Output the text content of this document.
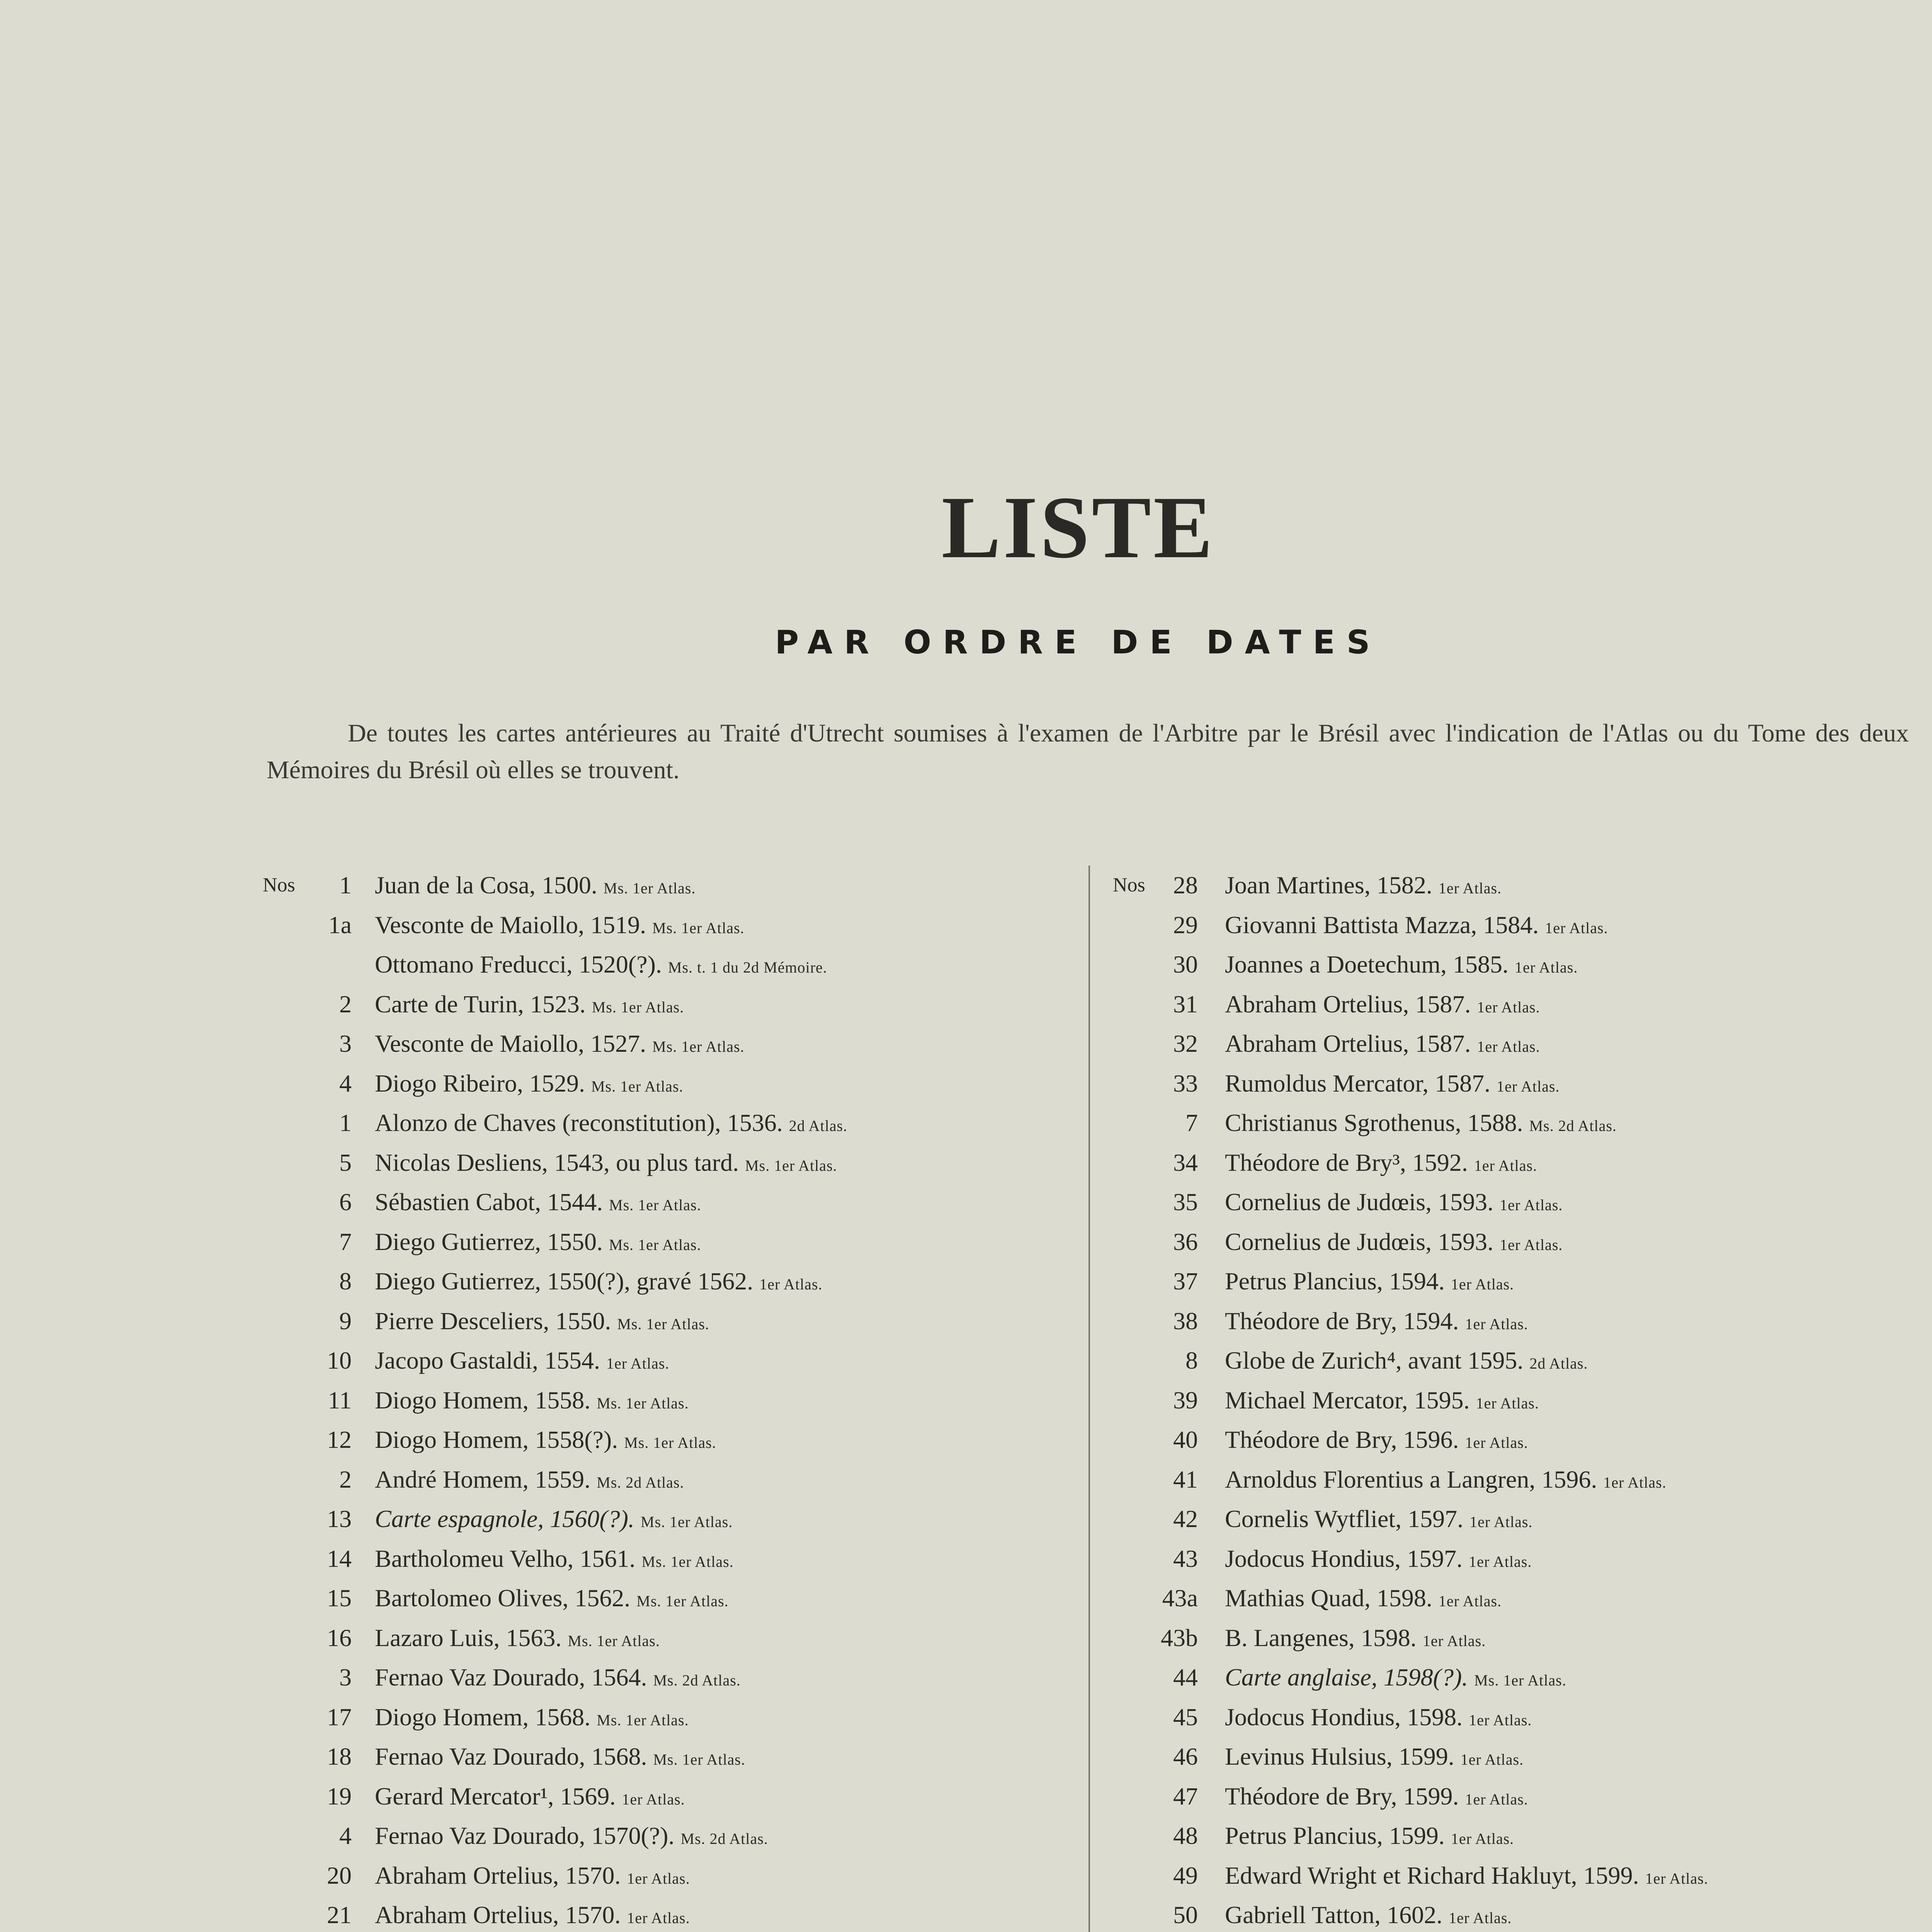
LISTE
PAR ORDRE DE DATES
De toutes les cartes antérieures au Traité d'Utrecht soumises à l'examen de l'Arbitre par le Brésil avec l'indication de l'Atlas ou du Tome des deux Mémoires du Brésil où elles se trouvent.
Nos	1 Juan de la Cosa, 1500. Ms. 1er Atlas.
1a Vesconte de Maiollo, 1519. Ms. 1er Atlas.
Ottomano Freducci, 1520(?). Ms. t. 1 du 2d Mémoire.
2 Carte de Turin, 1523. Ms. 1er Atlas.
3 Vesconte de Maiollo, 1527. Ms. 1er Atlas.
4 Diogo Ribeiro, 1529. Ms. 1er Atlas.
1 Alonzo de Chaves (reconstitution), 1536. 2d Atlas.
5 Nicolas Desliens, 1543, ou plus tard. Ms. 1er Atlas.
6 Sébastien Cabot, 1544. Ms. 1er Atlas.
7 Diego Gutierrez, 1550. Ms. 1er Atlas.
8 Diego Gutierrez, 1550(?), gravé 1562. 1er Atlas.
9 Pierre Desceliers, 1550. Ms. 1er Atlas.
10 Jacopo Gastaldi, 1554. 1er Atlas.
11 Diogo Homem, 1558. Ms. 1er Atlas.
12 Diogo Homem, 1558(?). Ms. 1er Atlas.
2 André Homem, 1559. Ms. 2d Atlas.
13 Carte espagnole, 1560(?). Ms. 1er Atlas.
14 Bartholomeu Velho, 1561. Ms. 1er Atlas.
15 Bartolomeo Olives, 1562. Ms. 1er Atlas.
16 Lazaro Luis, 1563. Ms. 1er Atlas.
3 Fernao Vaz Dourado, 1564. Ms. 2d Atlas.
17 Diogo Homem, 1568. Ms. 1er Atlas.
18 Fernao Vaz Dourado, 1568. Ms. 1er Atlas.
19 Gerard Mercator¹, 1569. 1er Atlas.
4 Fernao Vaz Dourado, 1570(?). Ms. 2d Atlas.
20 Abraham Ortelius, 1570. 1er Atlas.
21 Abraham Ortelius, 1570. 1er Atlas.
Nos	28 Joan Martines, 1582. 1er Atlas.
29 Giovanni Battista Mazza, 1584. 1er Atlas.
30 Joannes a Doetechum, 1585. 1er Atlas.
31 Abraham Ortelius, 1587. 1er Atlas.
32 Abraham Ortelius, 1587. 1er Atlas.
33 Rumoldus Mercator, 1587. 1er Atlas.
7 Christianus Sgrothenus, 1588. Ms. 2d Atlas.
34 Théodore de Bry³, 1592. 1er Atlas.
35 Cornelius de Judœis, 1593. 1er Atlas.
36 Cornelius de Judœis, 1593. 1er Atlas.
37 Petrus Plancius, 1594. 1er Atlas.
38 Théodore de Bry, 1594. 1er Atlas.
8 Globe de Zurich⁴, avant 1595. 2d Atlas.
39 Michael Mercator, 1595. 1er Atlas.
40 Théodore de Bry, 1596. 1er Atlas.
41 Arnoldus Florentius a Langren, 1596. 1er Atlas.
42 Cornelis Wytfliet, 1597. 1er Atlas.
43 Jodocus Hondius, 1597. 1er Atlas.
43a Mathias Quad, 1598. 1er Atlas.
43b B. Langenes, 1598. 1er Atlas.
44 Carte anglaise, 1598(?). Ms. 1er Atlas.
45 Jodocus Hondius, 1598. 1er Atlas.
46 Levinus Hulsius, 1599. 1er Atlas.
47 Théodore de Bry, 1599. 1er Atlas.
48 Petrus Plancius, 1599. 1er Atlas.
49 Edward Wright et Richard Hakluyt, 1599. 1er Atlas.
50 Gabriell Tatton, 1602. 1er Atlas.
